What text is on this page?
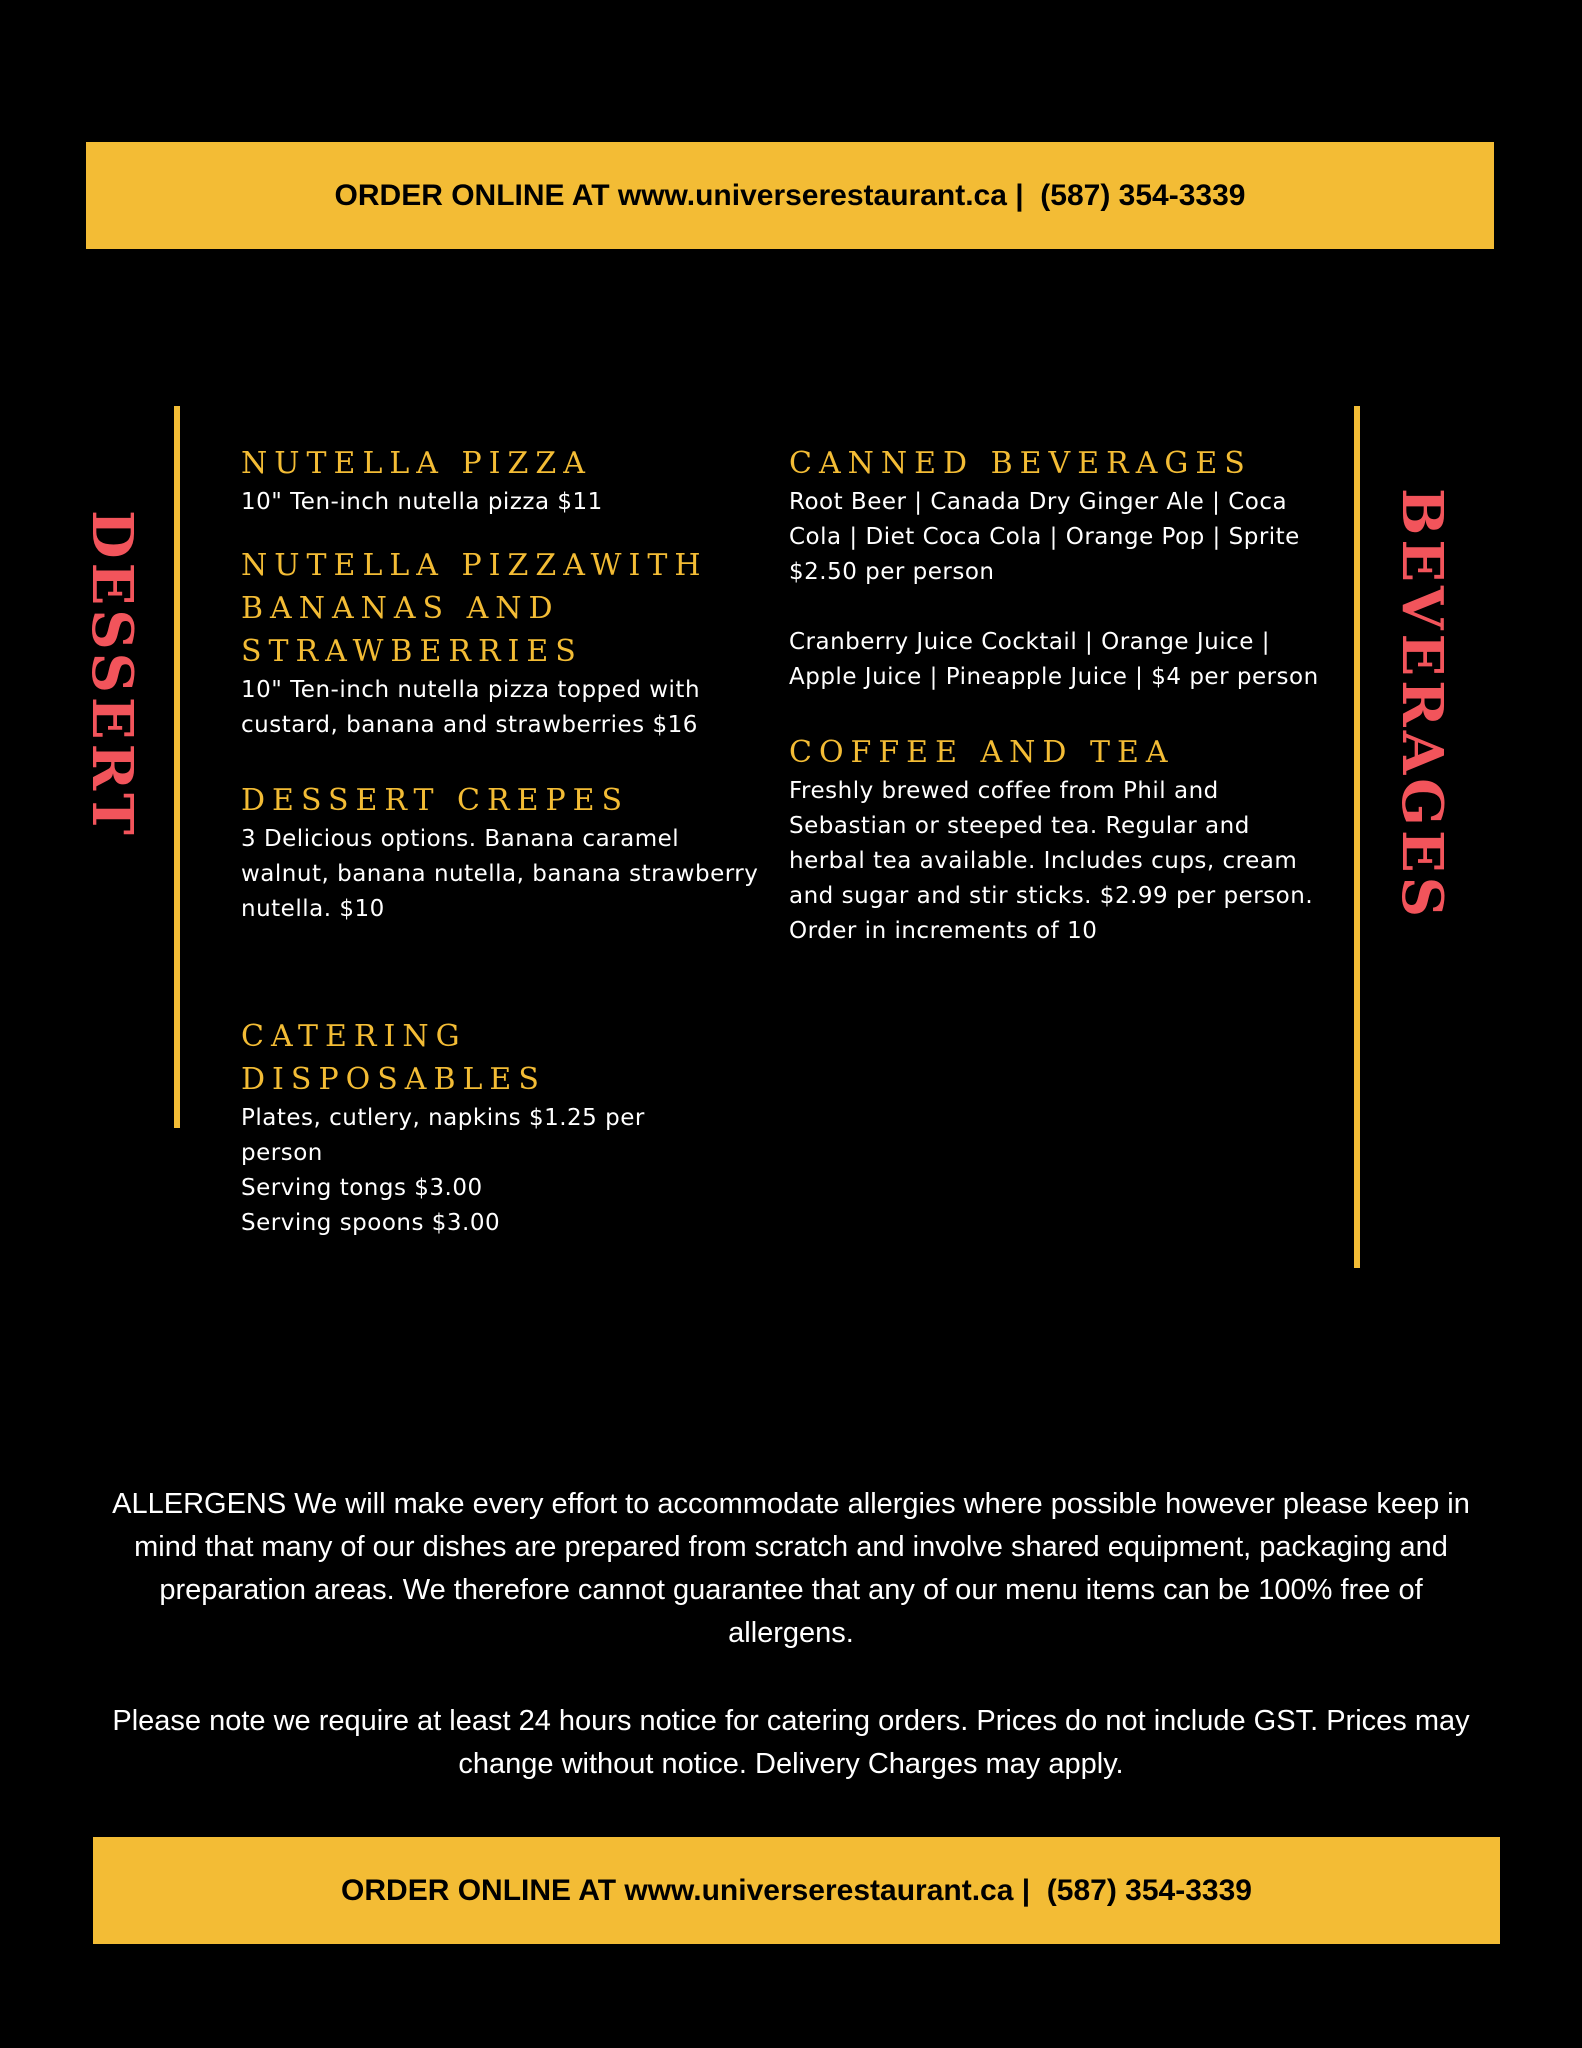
ORDER ONLINE AT www.universerestaurant.ca |  (587) 354-3339
DESSERT	BEVERAGES

NUTELLA PIZZA

10" Ten-inch nutella pizza $11

NUTELLA PIZZAWITH BANANAS AND STRAWBERRIES

10" Ten-inch nutella pizza topped with custard, banana and strawberries $16

DESSERT CREPES

3 Delicious options. Banana caramel walnut, banana nutella, banana strawberry nutella. $10

CATERING DISPOSABLES

Plates, cutlery, napkins $1.25 per person

Serving tongs $3.00

Serving spoons $3.00

CANNED BEVERAGES

Root Beer | Canada Dry Ginger Ale | Coca Cola | Diet Coca Cola | Orange Pop | Sprite $2.50 per person

Cranberry Juice Cocktail | Orange Juice | Apple Juice | Pineapple Juice | $4 per person

COFFEE AND TEA

Freshly brewed coffee from Phil and Sebastian or steeped tea. Regular and herbal tea available. Includes cups, cream and sugar and stir sticks. $2.99 per person. Order in increments of 10

ALLERGENS We will make every effort to accommodate allergies where possible however please keep in mind that many of our dishes are prepared from scratch and involve shared equipment, packaging and preparation areas. We therefore cannot guarantee that any of our menu items can be 100% free of allergens.
Please note we require at least 24 hours notice for catering orders. Prices do not include GST. Prices may change without notice. Delivery Charges may apply.
ORDER ONLINE AT www.universerestaurant.ca |  (587) 354-3339
